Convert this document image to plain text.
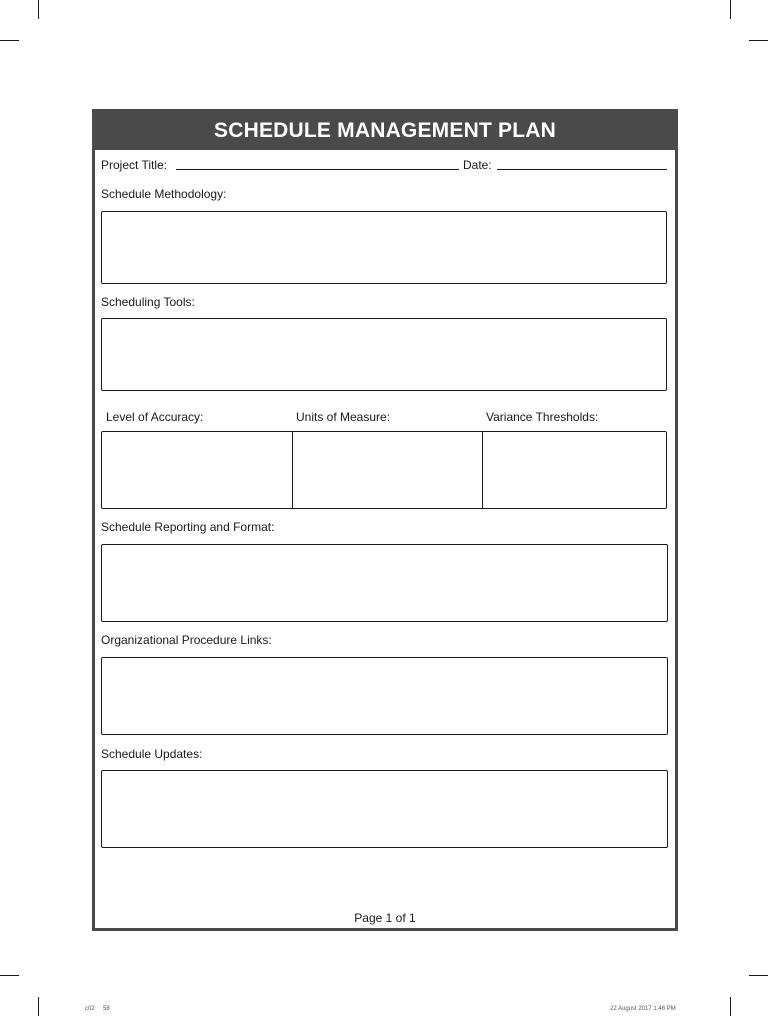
SCHEDULE MANAGEMENT PLAN
Project Title:	Date:
Schedule Methodology:
Scheduling Tools:
Level of Accuracy:	Units of Measure:	Variance Thresholds:
Schedule Reporting and Format:
Organizational Procedure Links:
Schedule Updates:
Page 1 of 1
c02 58	22 August 2017 1:46 PM
